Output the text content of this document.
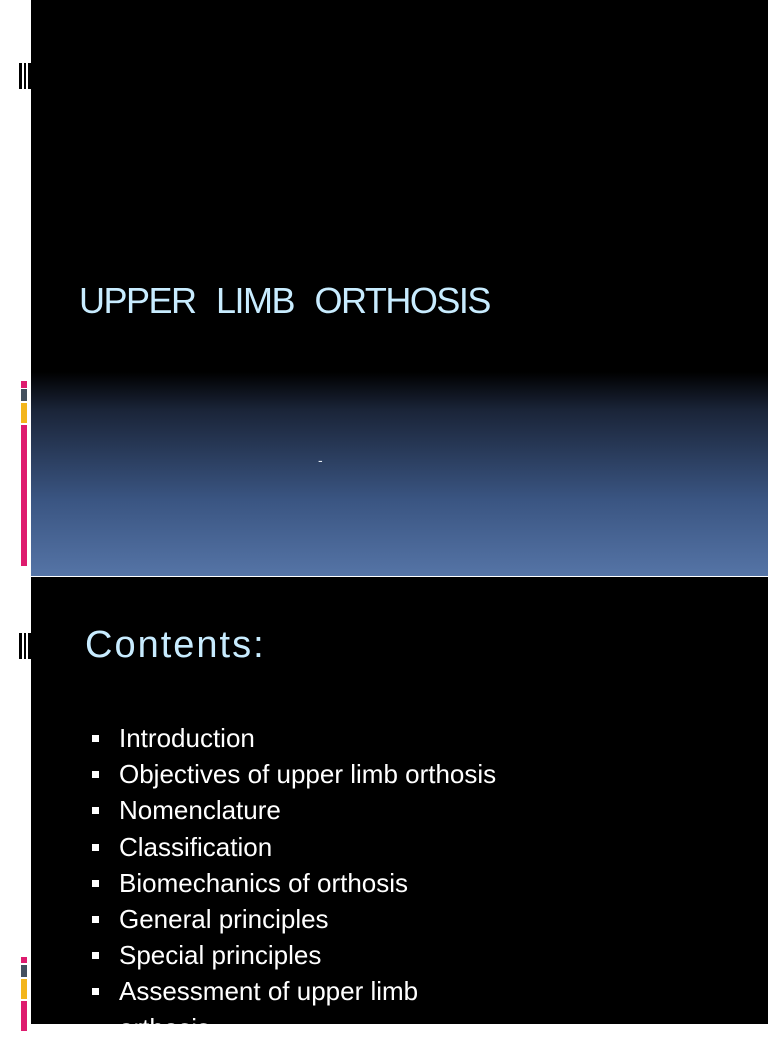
UPPER LIMB ORTHOSIS

-

Contents:
Introduction
Objectives of upper limb orthosis
Nomenclature
Classification
Biomechanics of orthosis
General principles
Special principles
Assessment of upper limb
orthosis
